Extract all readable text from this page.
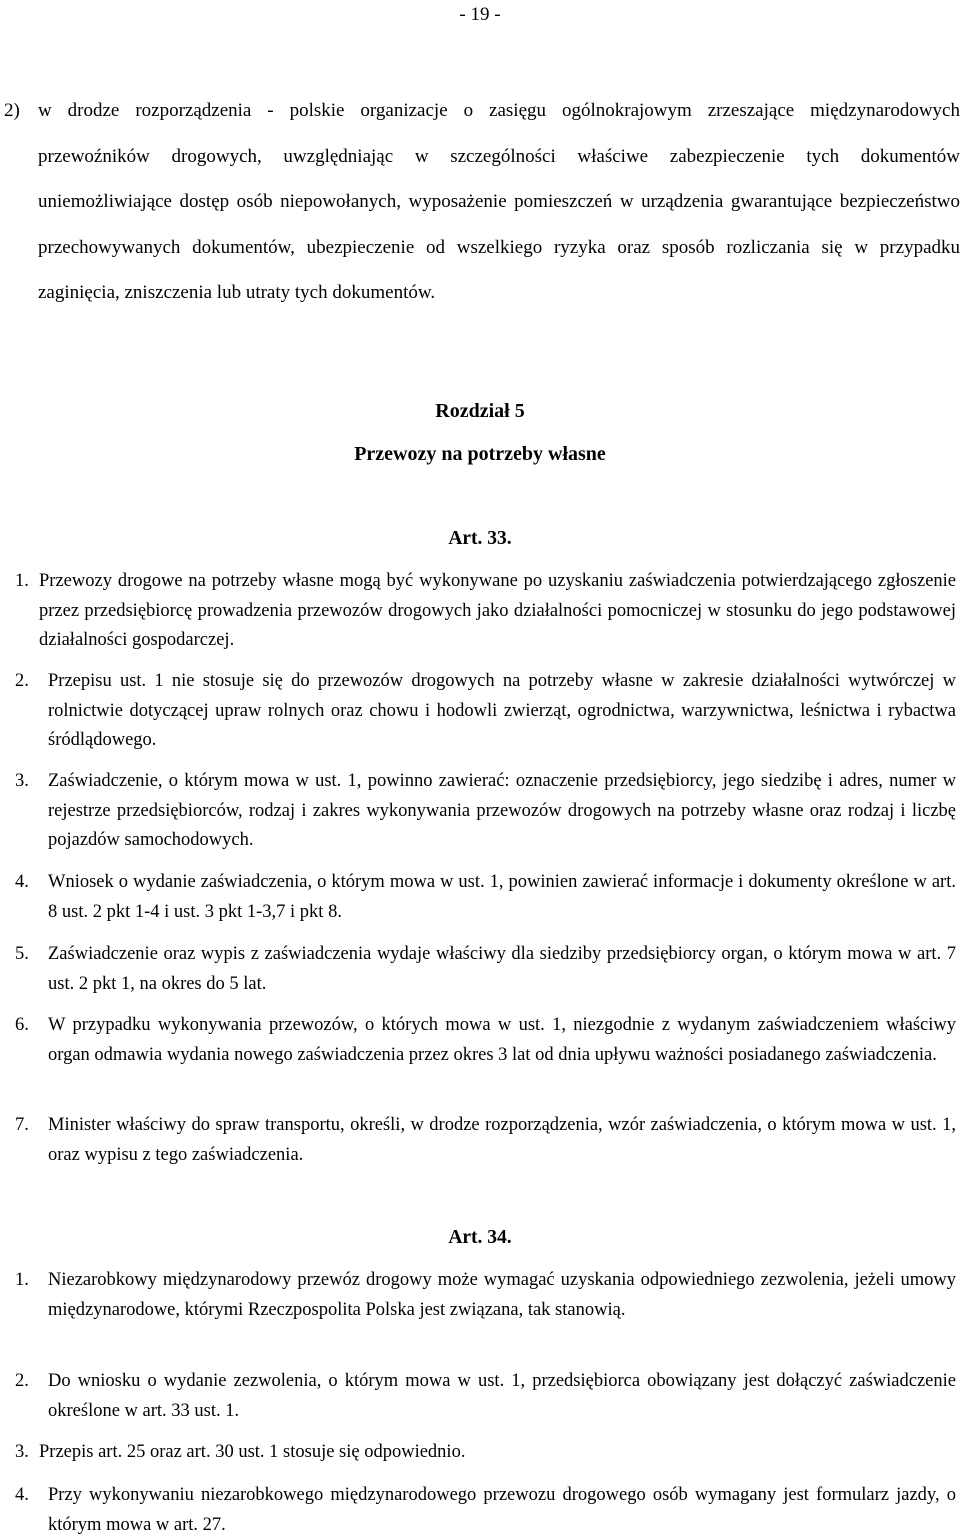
- 19 -
2) w drodze rozporządzenia - polskie organizacje o zasięgu ogólnokrajowym zrzeszające międzynarodowych przewoźników drogowych, uwzględniając w szczególności właściwe zabezpieczenie tych dokumentów uniemożliwiające dostęp osób niepowołanych, wyposażenie pomieszczeń w urządzenia gwarantujące bezpieczeństwo przechowywanych dokumentów, ubezpieczenie od wszelkiego ryzyka oraz sposób rozliczania się w przypadku zaginięcia, zniszczenia lub utraty tych dokumentów.
Rozdział 5
Przewozy na potrzeby własne
Art. 33.
1. Przewozy drogowe na potrzeby własne mogą być wykonywane po uzyskaniu zaświadczenia potwierdzającego zgłoszenie przez przedsiębiorcę prowadzenia przewozów drogowych jako działalności pomocniczej w stosunku do jego podstawowej działalności gospodarczej.
2. Przepisu ust. 1 nie stosuje się do przewozów drogowych na potrzeby własne w zakresie działalności wytwórczej w rolnictwie dotyczącej upraw rolnych oraz chowu i hodowli zwierząt, ogrodnictwa, warzywnictwa, leśnictwa i rybactwa śródlądowego.
3. Zaświadczenie, o którym mowa w ust. 1, powinno zawierać: oznaczenie przedsiębiorcy, jego siedzibę i adres, numer w rejestrze przedsiębiorców, rodzaj i zakres wykonywania przewozów drogowych na potrzeby własne oraz rodzaj i liczbę pojazdów samochodowych.
4. Wniosek o wydanie zaświadczenia, o którym mowa w ust. 1, powinien zawierać informacje i dokumenty określone w art. 8 ust. 2 pkt 1-4 i ust. 3 pkt 1-3,7 i pkt 8.
5. Zaświadczenie oraz wypis z zaświadczenia wydaje właściwy dla siedziby przedsiębiorcy organ, o którym mowa w art. 7 ust. 2 pkt 1, na okres do 5 lat.
6. W przypadku wykonywania przewozów, o których mowa w ust. 1, niezgodnie z wydanym zaświadczeniem właściwy organ odmawia wydania nowego zaświadczenia przez okres 3 lat od dnia upływu ważności posiadanego zaświadczenia.
7. Minister właściwy do spraw transportu, określi, w drodze rozporządzenia, wzór zaświadczenia, o którym mowa w ust. 1, oraz wypisu z tego zaświadczenia.
Art. 34.
1. Niezarobkowy międzynarodowy przewóz drogowy może wymagać uzyskania odpowiedniego zezwolenia, jeżeli umowy międzynarodowe, którymi Rzeczpospolita Polska jest związana, tak stanowią.
2. Do wniosku o wydanie zezwolenia, o którym mowa w ust. 1, przedsiębiorca obowiązany jest dołączyć zaświadczenie określone w art. 33 ust. 1.
3. Przepis art. 25 oraz art. 30 ust. 1 stosuje się odpowiednio.
4. Przy wykonywaniu niezarobkowego międzynarodowego przewozu drogowego osób wymagany jest formularz jazdy, o którym mowa w art. 27.
